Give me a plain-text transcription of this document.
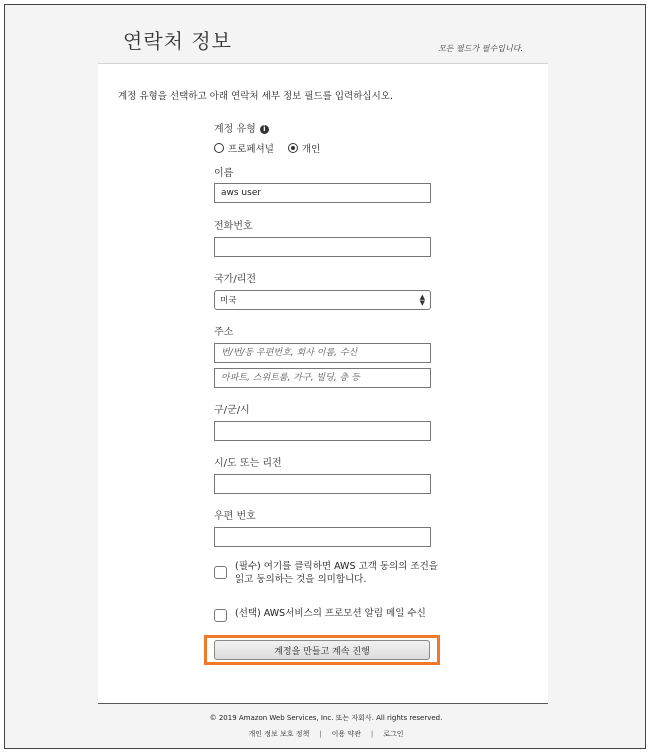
연락처 정보	모든 필드가 필수입니다.
계정 유형을 선택하고 아래 연락처 세부 정보 필드를 입력하십시오.
계정 유형 i
프로페셔널	개인
이름
aws user
전화번호
국가/리전
미국	▲
▼
주소
번/번/동 우편번호, 회사 이름, 수신
아파트, 스위트룸, 가구, 빌딩, 층 등
구/군/시
시/도 또는 리전
우편 번호
(필수) 여기를 클릭하면 AWS 고객 동의의 조건을 읽고 동의하는 것을 의미합니다.
(선택) AWS서비스의 프로모션 알림 메일 수신
계정을 만들고 계속 진행
© 2019 Amazon Web Services, Inc. 또는 자회사. All rights reserved.
개인 정보 보호 정책 | 이용 약관 | 로그인
